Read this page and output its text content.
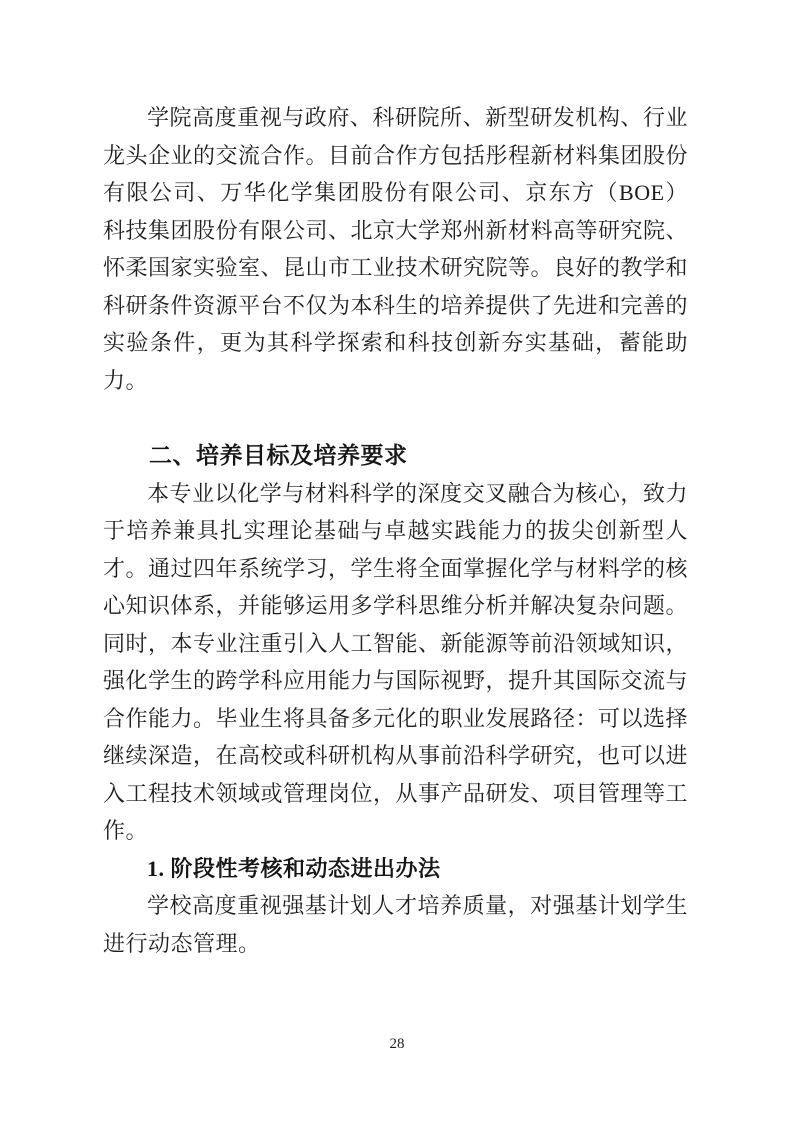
学院高度重视与政府、科研院所、新型研发机构、行业龙头企业的交流合作。目前合作方包括彤程新材料集团股份有限公司、万华化学集团股份有限公司、京东方（BOE）科技集团股份有限公司、北京大学郑州新材料高等研究院、怀柔国家实验室、昆山市工业技术研究院等。良好的教学和科研条件资源平台不仅为本科生的培养提供了先进和完善的实验条件，更为其科学探索和科技创新夯实基础，蓄能助力。

二、培养目标及培养要求

本专业以化学与材料科学的深度交叉融合为核心，致力于培养兼具扎实理论基础与卓越实践能力的拔尖创新型人才。通过四年系统学习，学生将全面掌握化学与材料学的核心知识体系，并能够运用多学科思维分析并解决复杂问题。同时，本专业注重引入人工智能、新能源等前沿领域知识，强化学生的跨学科应用能力与国际视野，提升其国际交流与合作能力。毕业生将具备多元化的职业发展路径：可以选择继续深造，在高校或科研机构从事前沿科学研究，也可以进入工程技术领域或管理岗位，从事产品研发、项目管理等工作。

1. 阶段性考核和动态进出办法

学校高度重视强基计划人才培养质量，对强基计划学生进行动态管理。

28
